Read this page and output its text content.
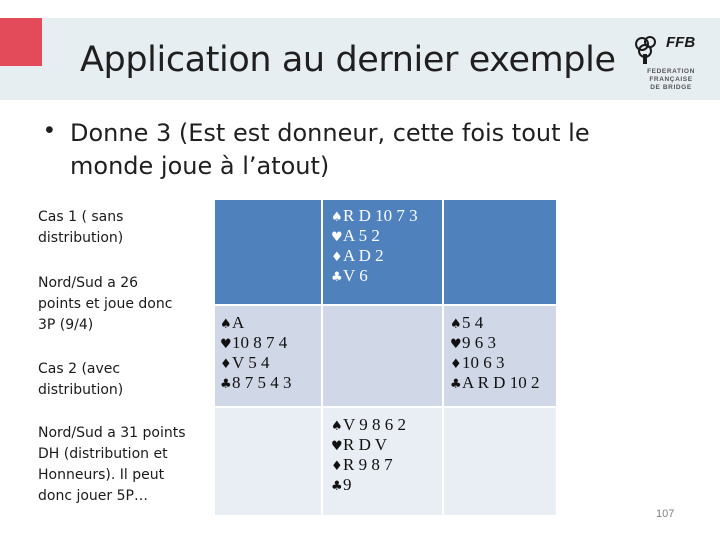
Application au dernier exemple	FFB
FEDERATION
FRANÇAISE
DE BRIDGE
• Donne 3 (Est est donneur, cette fois tout le monde joue à l’atout)
Cas 1 ( sans
distribution)
Nord/Sud a 26
points et joue donc
3P (9/4)
Cas 2 (avec
distribution)
Nord/Sud a 31 points
DH (distribution et
Honneurs). Il peut
donc jouer 5P…
♠R D 10 7 3
♥A 5 2
♦A D 2
♣V 6
♠A
♥10 8 7 4
♦V 5 4
♣8 7 5 4 3
♠5 4
♥9 6 3
♦10 6 3
♣A R D 10 2
♠V 9 8 6 2
♥R D V
♦R 9 8 7
♣9
107
